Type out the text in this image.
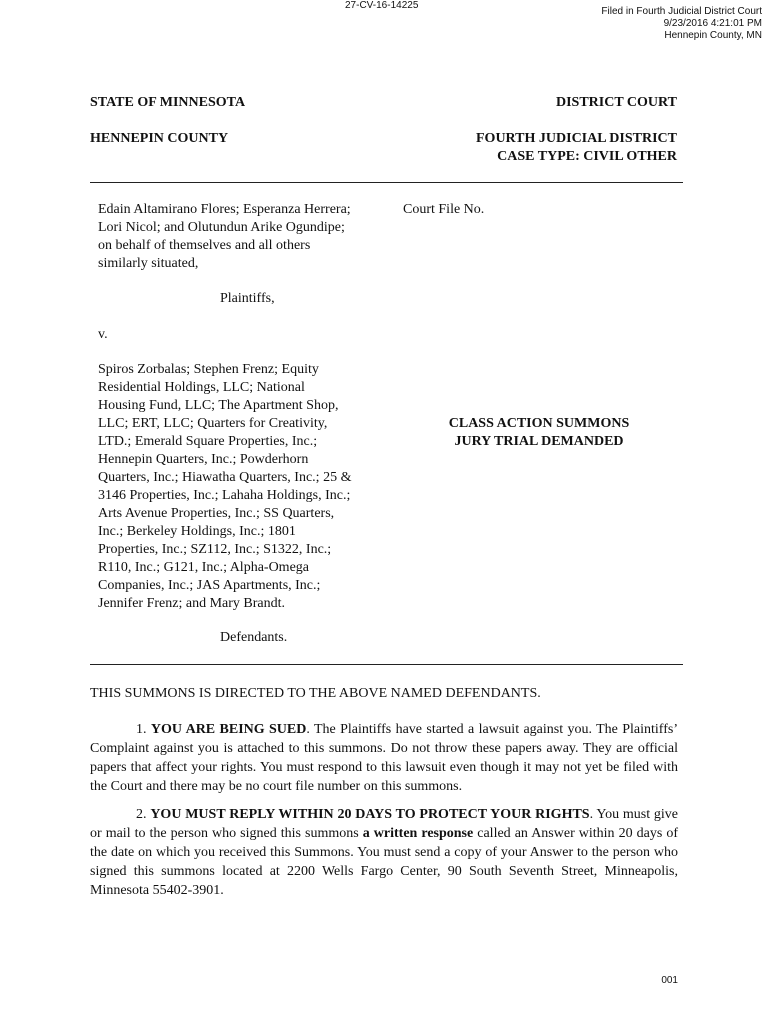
27-CV-16-14225
Filed in Fourth Judicial District Court
9/23/2016 4:21:01 PM
Hennepin County, MN
STATE OF MINNESOTA
HENNEPIN COUNTY
DISTRICT COURT
FOURTH JUDICIAL DISTRICT
CASE TYPE: CIVIL OTHER
Edain Altamirano Flores; Esperanza Herrera;
Lori Nicol; and Olutundun Arike Ogundipe;
on behalf of themselves and all others
similarly situated,
Plaintiffs,
v.
Spiros Zorbalas; Stephen Frenz; Equity
Residential Holdings, LLC; National
Housing Fund, LLC; The Apartment Shop,
LLC; ERT, LLC; Quarters for Creativity,
LTD.; Emerald Square Properties, Inc.;
Hennepin Quarters, Inc.; Powderhorn
Quarters, Inc.; Hiawatha Quarters, Inc.; 25 &
3146 Properties, Inc.; Lahaha Holdings, Inc.;
Arts Avenue Properties, Inc.; SS Quarters,
Inc.; Berkeley Holdings, Inc.; 1801
Properties, Inc.; SZ112, Inc.; S1322, Inc.;
R110, Inc.; G121, Inc.; Alpha-Omega
Companies, Inc.; JAS Apartments, Inc.;
Jennifer Frenz; and Mary Brandt.
Defendants.
Court File No.
CLASS ACTION SUMMONS
JURY TRIAL DEMANDED
THIS SUMMONS IS DIRECTED TO THE ABOVE NAMED DEFENDANTS.
1. YOU ARE BEING SUED. The Plaintiffs have started a lawsuit against you. The Plaintiffs’ Complaint against you is attached to this summons. Do not throw these papers away. They are official papers that affect your rights. You must respond to this lawsuit even though it may not yet be filed with the Court and there may be no court file number on this summons.
2. YOU MUST REPLY WITHIN 20 DAYS TO PROTECT YOUR RIGHTS. You must give or mail to the person who signed this summons a written response called an Answer within 20 days of the date on which you received this Summons. You must send a copy of your Answer to the person who signed this summons located at 2200 Wells Fargo Center, 90 South Seventh Street, Minneapolis, Minnesota 55402-3901.
001
